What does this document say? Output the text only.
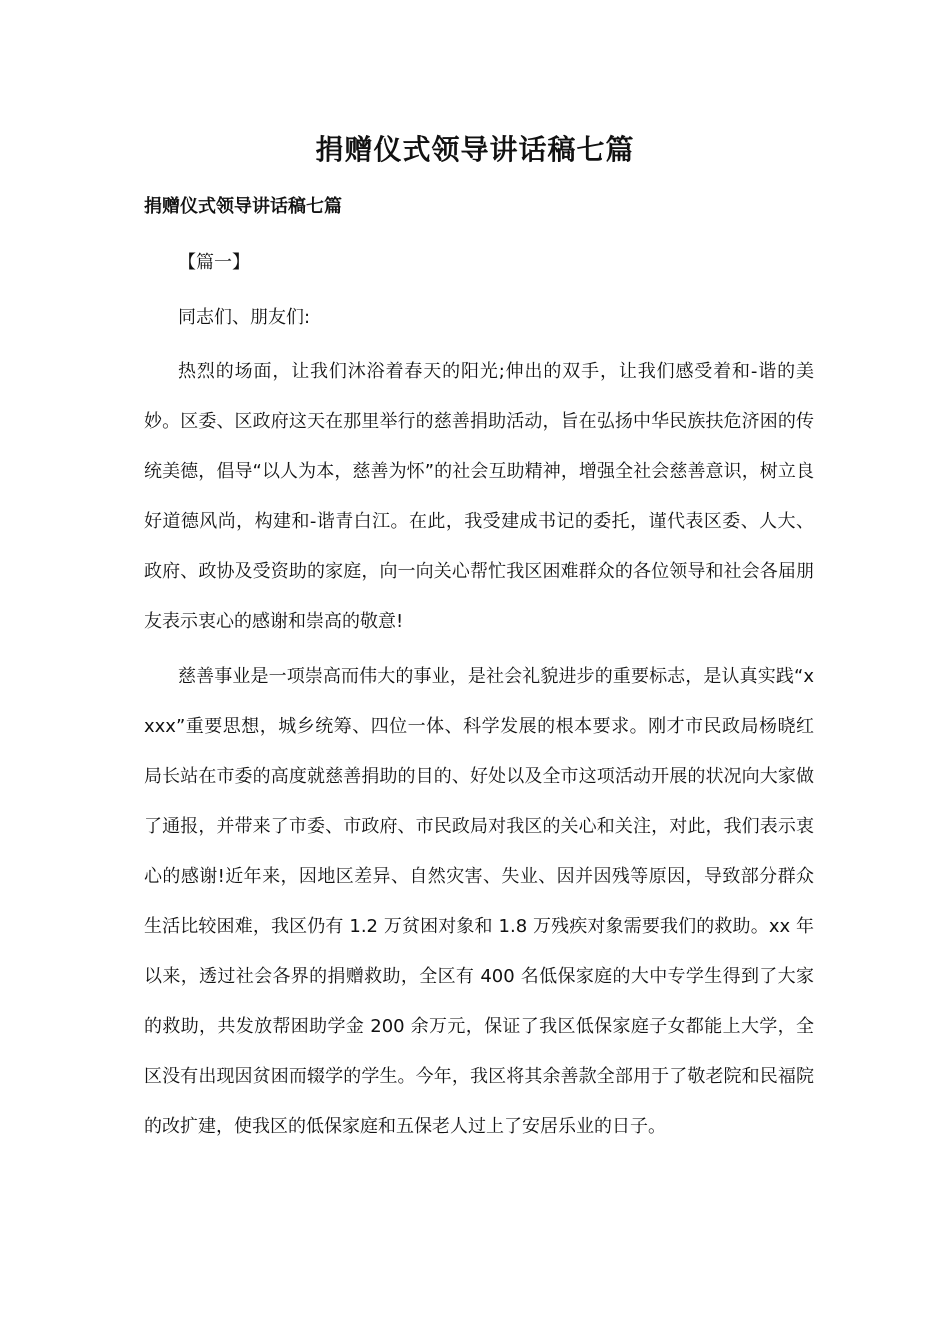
捐赠仪式领导讲话稿七篇
捐赠仪式领导讲话稿七篇

【篇一】

同志们、朋友们:

热烈的场面，让我们沐浴着春天的阳光;伸出的双手，让我们感受着和-谐的美妙。区委、区政府这天在那里举行的慈善捐助活动，旨在弘扬中华民族扶危济困的传统美德，倡导“以人为本，慈善为怀”的社会互助精神，增强全社会慈善意识，树立良好道德风尚，构建和-谐青白江。在此，我受建成书记的委托，谨代表区委、人大、政府、政协及受资助的家庭，向一向关心帮忙我区困难群众的各位领导和社会各届朋友表示衷心的感谢和崇高的敬意!

慈善事业是一项崇高而伟大的事业，是社会礼貌进步的重要标志，是认真实践“xxxx”重要思想，城乡统筹、四位一体、科学发展的根本要求。刚才市民政局杨晓红局长站在市委的高度就慈善捐助的目的、好处以及全市这项活动开展的状况向大家做了通报，并带来了市委、市政府、市民政局对我区的关心和关注，对此，我们表示衷心的感谢!近年来，因地区差异、自然灾害、失业、因并因残等原因，导致部分群众生活比较困难，我区仍有 1.2 万贫困对象和 1.8 万残疾对象需要我们的救助。xx 年以来，透过社会各界的捐赠救助，全区有 400 名低保家庭的大中专学生得到了大家的救助，共发放帮困助学金 200 余万元，保证了我区低保家庭子女都能上大学，全区没有出现因贫困而辍学的学生。今年，我区将其余善款全部用于了敬老院和民福院的改扩建，使我区的低保家庭和五保老人过上了安居乐业的日子。
